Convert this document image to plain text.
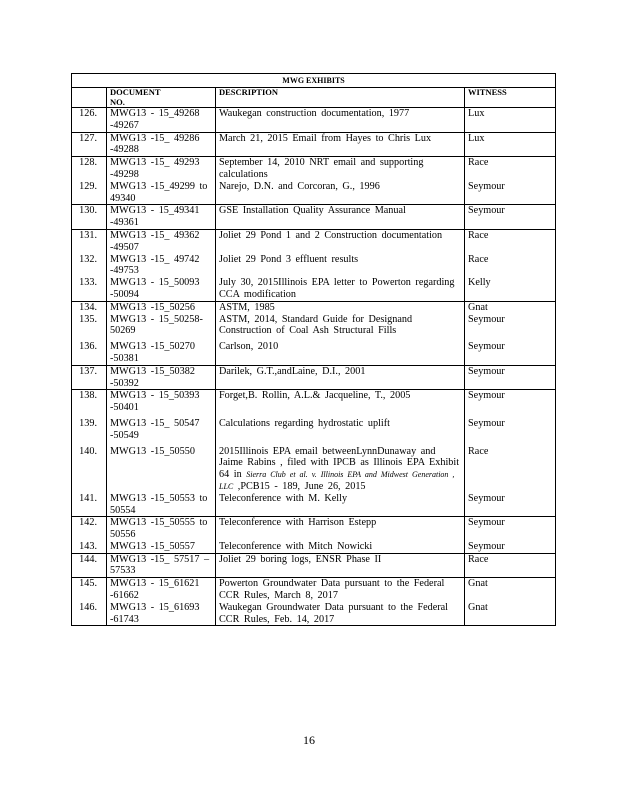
MWG EXHIBITS			
	DOCUMENT NO.	DESCRIPTION	WITNESS
126.	MWG13 - 15_49268 -49267	Waukegan construction documentation, 1977	Lux
127.	MWG13 -15_ 49286 -49288	March 21, 2015 Email from Hayes to Chris Lux	Lux
128.	MWG13 -15_ 49293 -49298	September 14, 2010 NRT email and supporting calculations	Race
129.	MWG13 -15_49299 to 49340	Narejo, D.N. and Corcoran, G., 1996	Seymour
130.	MWG13 - 15_49341 -49361	GSE Installation Quality Assurance Manual	Seymour
131.	MWG13 -15_ 49362 -49507	Joliet 29 Pond 1 and 2 Construction documentation	Race
132.	MWG13 -15_ 49742 -49753	Joliet 29 Pond 3 effluent results	Race
133.	MWG13 - 15_50093 -50094	July 30, 2015Illinois EPA letter to Powerton regarding CCA modification	Kelly
134.	MWG13 -15_50256	ASTM, 1985	Gnat
135.	MWG13 - 15_50258- 50269	ASTM, 2014, Standard Guide for Designand Construction of Coal Ash Structural Fills	Seymour
136.	MWG13 -15_50270 -50381	Carlson, 2010	Seymour
137.	MWG13 -15_50382 -50392	Darilek, G.T.,andLaine, D.I., 2001	Seymour
138.	MWG13 - 15_50393 -50401	Forget,B. Rollin, A.L.& Jacqueline, T., 2005	Seymour
139.	MWG13 -15_ 50547 -50549	Calculations regarding hydrostatic uplift	Seymour
140.	MWG13 -15_50550	2015Illinois EPA email betweenLynnDunaway and Jaime Rabins , filed with IPCB as Illinois EPA Exhibit 64 in Sierra Club et al. v. Illinois EPA and Midwest Generation , LLC ,PCB15 - 189, June 26, 2015	Race
141.	MWG13 -15_50553 to 50554	Teleconference with M. Kelly	Seymour
142.	MWG13 -15_50555 to 50556	Teleconference with Harrison Estepp	Seymour
143.	MWG13 -15_50557	Teleconference with Mitch Nowicki	Seymour
144.	MWG13 -15_ 57517 – 57533	Joliet 29 boring logs, ENSR Phase II	Race
145.	MWG13 - 15_61621 -61662	Powerton Groundwater Data pursuant to the Federal CCR Rules, March 8, 2017	Gnat
146.	MWG13 - 15_61693 -61743	Waukegan Groundwater Data pursuant to the Federal CCR Rules, Feb. 14, 2017	Gnat
16
